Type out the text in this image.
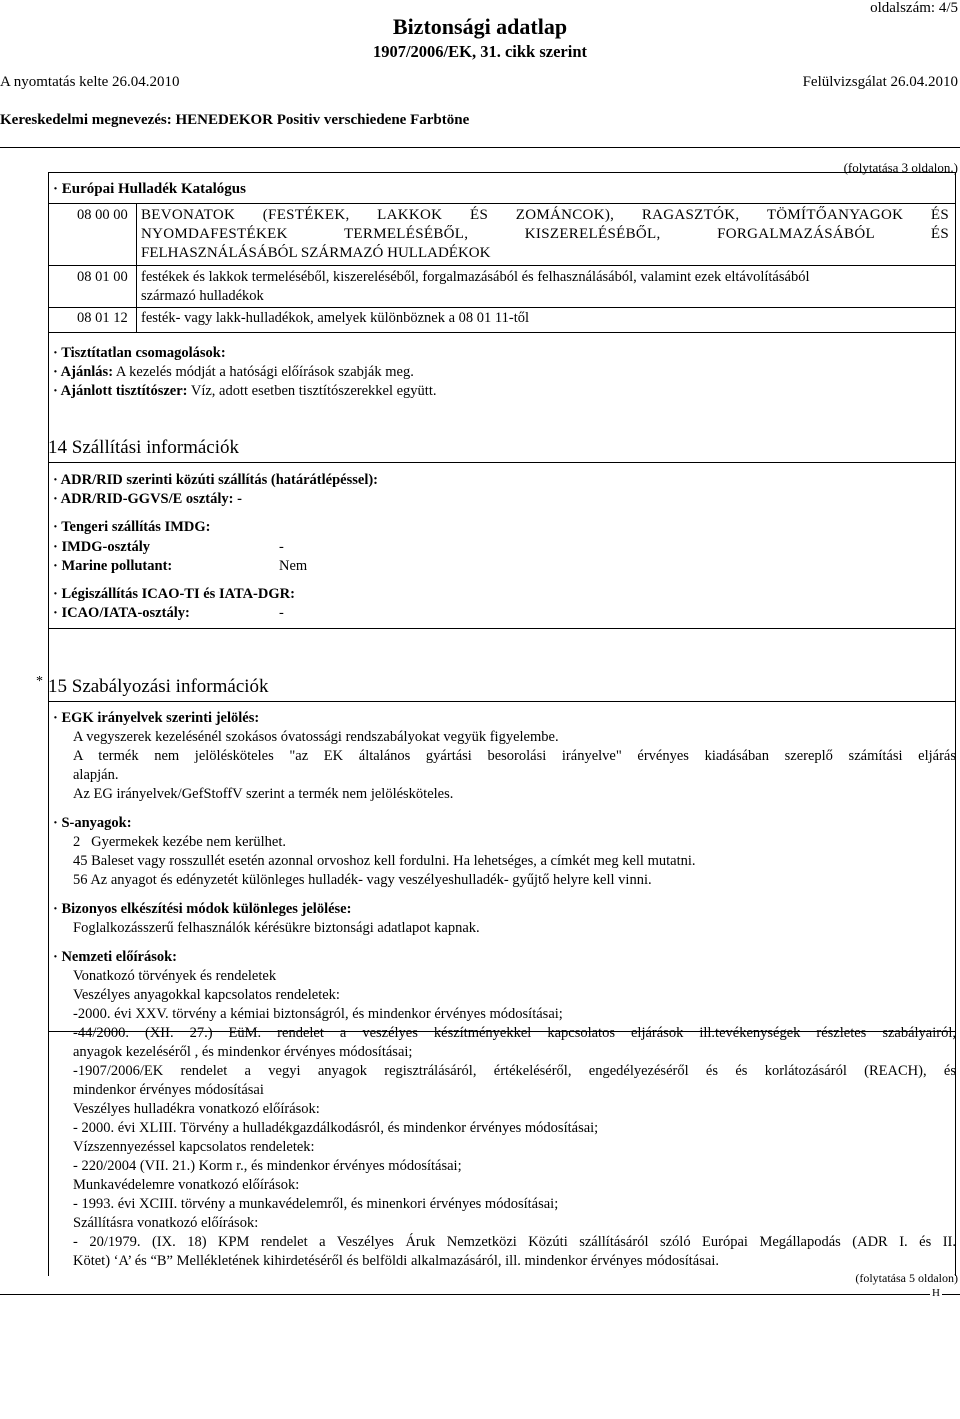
oldalszám: 4/5
Biztonsági adatlap
1907/2006/EK, 31. cikk szerint
A nyomtatás kelte 26.04.2010	Felülvizsgálat 26.04.2010
Kereskedelmi megnevezés: HENEDEKOR Positiv verschiedene Farbtöne
(folytatása 3 oldalon.)
· Európai Hulladék Katalógus
08 00 00 BEVONATOK (FESTÉKEK, LAKKOK ÉS ZOMÁNCOK), RAGASZTÓK, TÖMÍTŐANYAGOK ÉS
NYOMDAFESTÉKEK TERMELÉSÉBŐL, KISZERELÉSÉBŐL, FORGALMAZÁSÁBÓL ÉS
FELHASZNÁLÁSÁBÓL SZÁRMAZÓ HULLADÉKOK
08 01 00 festékek és lakkok termeléséből, kiszereléséből, forgalmazásából és felhasználásából, valamint ezek eltávolításából
származó hulladékok
08 01 12 festék- vagy lakk-hulladékok, amelyek különböznek a 08 01 11-től
· Tisztítatlan csomagolások:
· Ajánlás: A kezelés módját a hatósági előírások szabják meg.
· Ajánlott tisztítószer: Víz, adott esetben tisztítószerekkel együtt.
14 Szállítási információk
· ADR/RID szerinti közúti szállítás (határátlépéssel):
· ADR/RID-GGVS/E osztály: -
· Tengeri szállítás IMDG:
· IMDG-osztály	-
· Marine pollutant:	Nem
· Légiszállítás ICAO-TI és IATA-DGR:
· ICAO/IATA-osztály:	-
* 15 Szabályozási információk
· EGK irányelvek szerinti jelölés:
A vegyszerek kezelésénél szokásos óvatossági rendszabályokat vegyük figyelembe.
A termék nem jelölésköteles "az EK általános gyártási besorolási irányelve" érvényes kiadásában szereplő számítási eljárás
alapján.
Az EG irányelvek/GefStoffV szerint a termék nem jelölésköteles.
· S-anyagok:
2   Gyermekek kezébe nem kerülhet.
45 Baleset vagy rosszullét esetén azonnal orvoshoz kell fordulni. Ha lehetséges, a címkét meg kell mutatni.
56 Az anyagot és edényzetét különleges hulladék- vagy veszélyeshulladék- gyűjtő helyre kell vinni.
· Bizonyos elkészítési módok különleges jelölése:
Foglalkozásszerű felhasználók kérésükre biztonsági adatlapot kapnak.
· Nemzeti előírások:
Vonatkozó törvények és rendeletek
Veszélyes anyagokkal kapcsolatos rendeletek:
-2000. évi XXV. törvény a kémiai biztonságról, és mindenkor érvényes módosításai;
-44/2000. (XII. 27.) EüM. rendelet a veszélyes készítményekkel kapcsolatos eljárások ill.tevékenységek részletes szabályairól,
anyagok kezeléséről , és mindenkor érvényes módosításai;
-1907/2006/EK rendelet a vegyi anyagok regisztrálásáról, értékeléséről, engedélyezéséről és és korlátozásáról (REACH), és
mindenkor érvényes módosításai
Veszélyes hulladékra vonatkozó előírások:
- 2000. évi XLIII. Törvény a hulladékgazdálkodásról, és mindenkor érvényes módosításai;
Vízszennyezéssel kapcsolatos rendeletek:
- 220/2004 (VII. 21.) Korm r., és mindenkor érvényes módosításai;
Munkavédelemre vonatkozó előírások:
- 1993. évi XCIII. törvény a munkavédelemről, és minenkori érvényes módosításai;
Szállításra vonatkozó előírások:
- 20/1979. (IX. 18) KPM rendelet a Veszélyes Áruk Nemzetközi Közúti szállításáról szóló Európai Megállapodás (ADR I. és II.
Kötet) ‘A’ és “B” Mellékletének kihirdetéséről és belföldi alkalmazásáról, ill. mindenkor érvényes módosításai.
(folytatása 5 oldalon)
H
